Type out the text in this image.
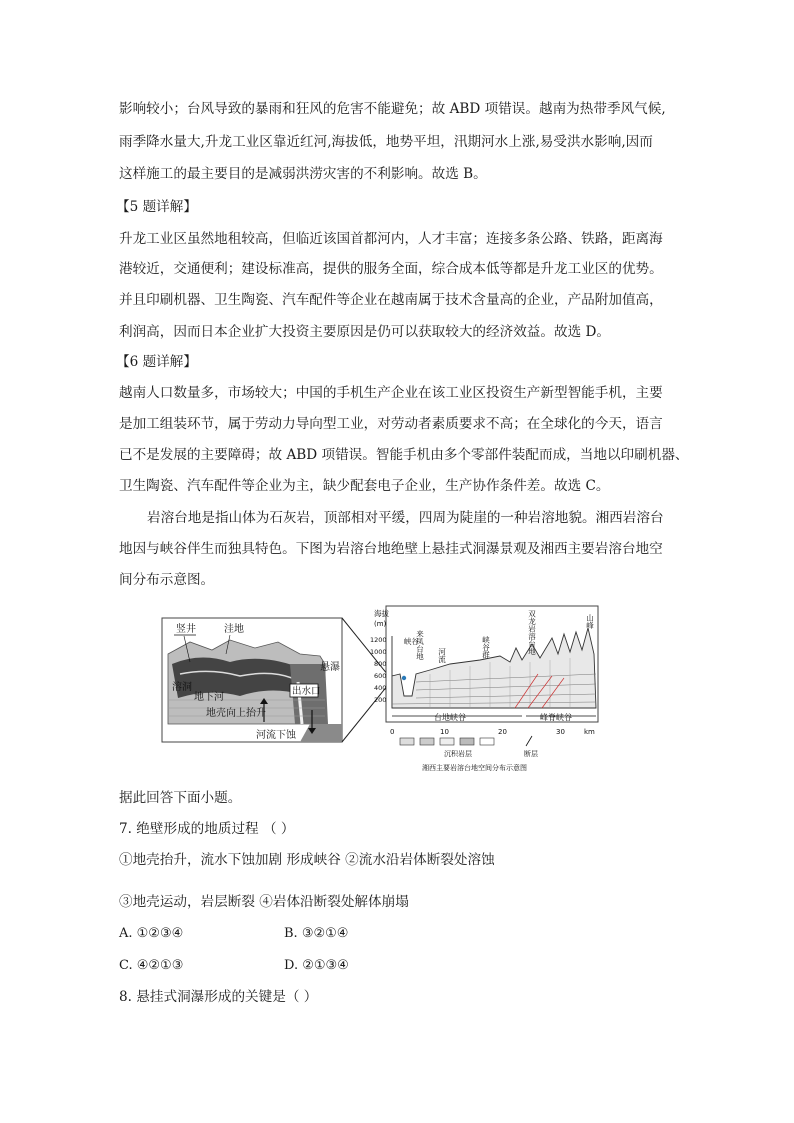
影响较小；台风导致的暴雨和狂风的危害不能避免；故 ABD 项错误。越南为热带季风气候,
雨季降水量大,升龙工业区靠近红河,海拔低，地势平坦，汛期河水上涨,易受洪水影响,因而
这样施工的最主要目的是减弱洪涝灾害的不利影响。故选 B。
【5 题详解】
升龙工业区虽然地租较高，但临近该国首都河内，人才丰富；连接多条公路、铁路，距离海
港较近，交通便利；建设标准高，提供的服务全面，综合成本低等都是升龙工业区的优势。
并且印刷机器、卫生陶瓷、汽车配件等企业在越南属于技术含量高的企业，产品附加值高，
利润高，因而日本企业扩大投资主要原因是仍可以获取较大的经济效益。故选 D。
【6 题详解】
越南人口数量多，市场较大；中国的手机生产企业在该工业区投资生产新型智能手机，主要
是加工组装环节，属于劳动力导向型工业，对劳动者素质要求不高；在全球化的今天，语言
已不是发展的主要障碍；故 ABD 项错误。智能手机由多个零部件装配而成，当地以印刷机器、
卫生陶瓷、汽车配件等企业为主，缺少配套电子企业，生产协作条件差。故选 C。
岩溶台地是指山体为石灰岩，顶部相对平缓，四周为陡崖的一种岩溶地貌。湘西岩溶台
地因与峡谷伴生而独具特色。下图为岩溶台地绝壁上悬挂式洞瀑景观及湘西主要岩溶台地空
间分布示意图。
竖井	洼地
溶洞
地下河
地壳向上抬升
河流下蚀
悬瀑
出水口
海拔
(m)
1200
1000
800
600
400
200
峡谷
来凤台地 河流	峡谷群	双龙岩溶台地	山峰
台地峡谷	峰脊峡谷
0	10	20	30	km
沉积岩层	断层
湘西主要岩溶台地空间分布示意图
据此回答下面小题。
7. 绝壁形成的地质过程 （ ）
①地壳抬升，流水下蚀加剧 形成峡谷 ②流水沿岩体断裂处溶蚀
③地壳运动，岩层断裂 ④岩体沿断裂处解体崩塌
A. ①②③④	B. ③②①④
C. ④②①③	D. ②①③④
8. 悬挂式洞瀑形成的关键是（ ）
